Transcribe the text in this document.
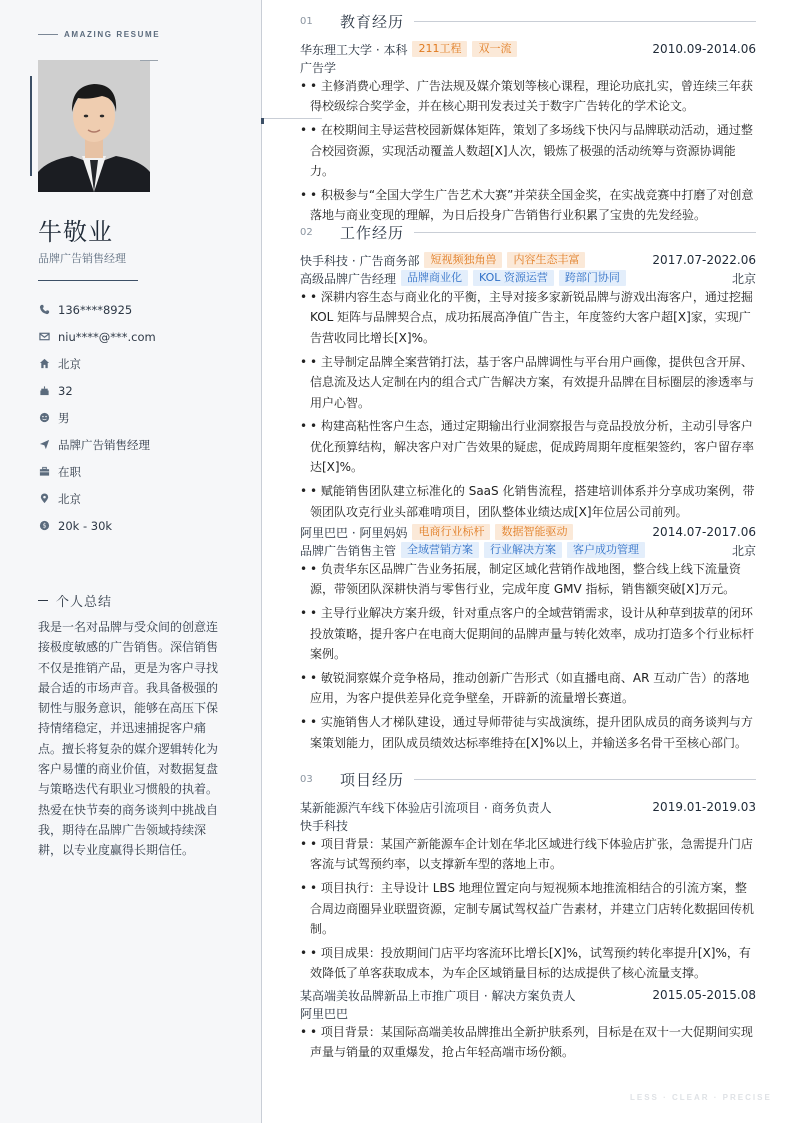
AMAZING RESUME
牛敬业
品牌广告销售经理
136****8925
niu****@***.com
北京
32
男
品牌广告销售经理
在职
北京
$ 20k - 30k
个人总结
我是一名对品牌与受众间的创意连接极度敏感的广告销售。深信销售不仅是推销产品，更是为客户寻找最合适的市场声音。我具备极强的韧性与服务意识，能够在高压下保持情绪稳定，并迅速捕捉客户痛点。擅长将复杂的媒介逻辑转化为客户易懂的商业价值，对数据复盘与策略迭代有职业习惯般的执着。热爱在快节奏的商务谈判中挑战自我，期待在品牌广告领域持续深耕，以专业度赢得长期信任。
01	教育经历
华东理工大学 · 本科	211工程	双一流	2010.09-2014.06
广告学
• • 主修消费心理学、广告法规及媒介策划等核心课程，理论功底扎实，曾连续三年获得校级综合奖学金，并在核心期刊发表过关于数字广告转化的学术论文。
• • 在校期间主导运营校园新媒体矩阵，策划了多场线下快闪与品牌联动活动，通过整合校园资源，实现活动覆盖人数超[X]人次，锻炼了极强的活动统筹与资源协调能力。
• • 积极参与“全国大学生广告艺术大赛”并荣获全国金奖，在实战竞赛中打磨了对创意落地与商业变现的理解，为日后投身广告销售行业积累了宝贵的先发经验。
02	工作经历
快手科技 · 广告商务部	短视频独角兽	内容生态丰富	2017.07-2022.06
高级品牌广告经理	品牌商业化	KOL 资源运营	跨部门协同	北京
• • 深耕内容生态与商业化的平衡，主导对接多家新锐品牌与游戏出海客户，通过挖掘KOL 矩阵与品牌契合点，成功拓展高净值广告主，年度签约大客户超[X]家，实现广告营收同比增长[X]%。
• • 主导制定品牌全案营销打法，基于客户品牌调性与平台用户画像，提供包含开屏、信息流及达人定制在内的组合式广告解决方案，有效提升品牌在目标圈层的渗透率与用户心智。
• • 构建高粘性客户生态，通过定期输出行业洞察报告与竞品投放分析，主动引导客户优化预算结构，解决客户对广告效果的疑虑，促成跨周期年度框架签约，客户留存率达[X]%。
• • 赋能销售团队建立标准化的 SaaS 化销售流程，搭建培训体系并分享成功案例，带领团队攻克行业头部难啃项目，团队整体业绩达成[X]年位居公司前列。
阿里巴巴 · 阿里妈妈	电商行业标杆	数据智能驱动	2014.07-2017.06
品牌广告销售主管	全域营销方案	行业解决方案	客户成功管理	北京
• • 负责华东区品牌广告业务拓展，制定区域化营销作战地图，整合线上线下流量资源，带领团队深耕快消与零售行业，完成年度 GMV 指标，销售额突破[X]万元。
• • 主导行业解决方案升级，针对重点客户的全域营销需求，设计从种草到拔草的闭环投放策略，提升客户在电商大促期间的品牌声量与转化效率，成功打造多个行业标杆案例。
• • 敏锐洞察媒介竞争格局，推动创新广告形式（如直播电商、AR 互动广告）的落地应用，为客户提供差异化竞争壁垒，开辟新的流量增长赛道。
• • 实施销售人才梯队建设，通过导师带徒与实战演练，提升团队成员的商务谈判与方案策划能力，团队成员绩效达标率维持在[X]%以上，并输送多名骨干至核心部门。
03	项目经历
某新能源汽车线下体验店引流项目 · 商务负责人	2019.01-2019.03
快手科技
• • 项目背景：某国产新能源车企计划在华北区域进行线下体验店扩张，急需提升门店客流与试驾预约率，以支撑新车型的落地上市。
• • 项目执行：主导设计 LBS 地理位置定向与短视频本地推流相结合的引流方案，整合周边商圈异业联盟资源，定制专属试驾权益广告素材，并建立门店转化数据回传机制。
• • 项目成果：投放期间门店平均客流环比增长[X]%，试驾预约转化率提升[X]%，有效降低了单客获取成本，为车企区域销量目标的达成提供了核心流量支撑。
某高端美妆品牌新品上市推广项目 · 解决方案负责人	2015.05-2015.08
阿里巴巴
• • 项目背景：某国际高端美妆品牌推出全新护肤系列，目标是在双十一大促期间实现声量与销量的双重爆发，抢占年轻高端市场份额。
LESS · CLEAR · PRECISE
